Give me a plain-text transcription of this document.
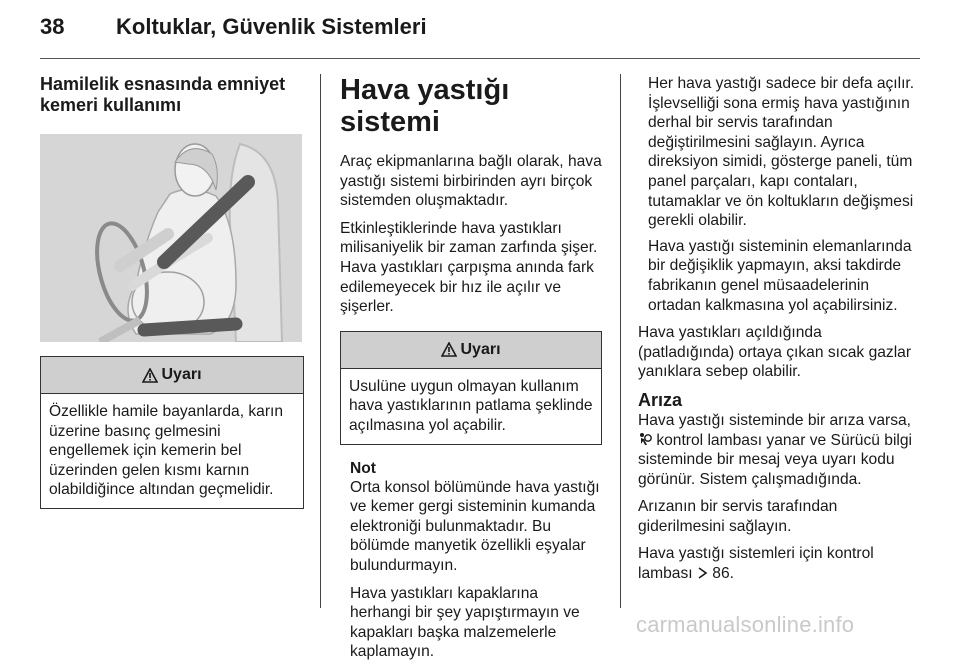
38 Koltuklar, Güvenlik Sistemleri
Hamilelik esnasında emniyet kemeri kullanımı
Uyarı

Özellikle hamile bayanlarda, karın üzerine basınç gelmesini engellemek için kemerin bel üzerinden gelen kısmı karnın olabildiğince altından geçmelidir.

Hava yastığı sistemi

Araç ekipmanlarına bağlı olarak, hava yastığı sistemi birbirinden ayrı birçok sistemden oluşmaktadır.

Etkinleştiklerinde hava yastıkları milisaniyelik bir zaman zarfında şişer. Hava yastıkları çarpışma anında fark edilemeyecek bir hız ile açılır ve şişerler.

Uyarı

Usulüne uygun olmayan kullanım hava yastıklarının patlama şeklinde açılmasına yol açabilir.

Not

Orta konsol bölümünde hava yastığı ve kemer gergi sisteminin kumanda elektroniği bulunmaktadır. Bu bölümde manyetik özellikli eşyalar bulundurmayın.

Hava yastıkları kapaklarına herhangi bir şey yapıştırmayın ve kapakları başka malzemelerle kaplamayın.

Her hava yastığı sadece bir defa açılır. İşlevselliği sona ermiş hava yastığının derhal bir servis tarafından değiştirilmesini sağlayın. Ayrıca direksiyon simidi, gösterge paneli, tüm panel parçaları, kapı contaları, tutamaklar ve ön koltukların değişmesi gerekli olabilir.

Hava yastığı sisteminin elemanlarında bir değişiklik yapmayın, aksi takdirde fabrikanın genel müsaadelerinin ortadan kalkmasına yol açabilirsiniz.

Hava yastıkları açıldığında (patladığında) ortaya çıkan sıcak gazlar yanıklara sebep olabilir.

Arıza

Hava yastığı sisteminde bir arıza varsa,  kontrol lambası yanar ve Sürücü bilgi sisteminde bir mesaj veya uyarı kodu görünür. Sistem çalışmadığında.

Arızanın bir servis tarafından giderilmesini sağlayın.

Hava yastığı sistemleri için kontrol lambası  86.

carmanualsonline.info
